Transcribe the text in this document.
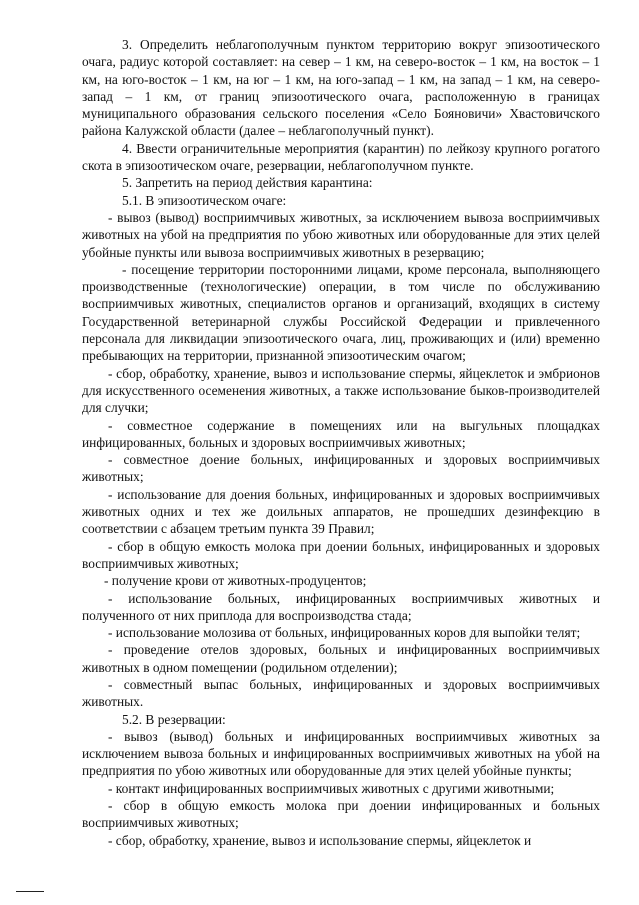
3. Определить неблагополучным пунктом территорию вокруг эпизоотического очага, радиус которой составляет: на север – 1 км, на северо-восток – 1 км, на восток – 1 км, на юго-восток – 1 км, на юг – 1 км, на юго-запад – 1 км, на запад – 1 км, на северо-запад – 1 км, от границ эпизоотического очага, расположенную в границах муниципального образования сельского поселения «Село Бояновичи» Хвастовичского района Калужской области (далее – неблагополучный пункт).

4. Ввести ограничительные мероприятия (карантин) по лейкозу крупного рогатого скота в эпизоотическом очаге, резервации, неблагополучном пункте.

5. Запретить на период действия карантина:

5.1. В эпизоотическом очаге:

- вывоз (вывод) восприимчивых животных, за исключением вывоза восприимчивых животных на убой на предприятия по убою животных или оборудованные для этих целей убойные пункты или вывоза восприимчивых животных в резервацию;

- посещение территории посторонними лицами, кроме персонала, выполняющего производственные (технологические) операции, в том числе по обслуживанию восприимчивых животных, специалистов органов и организаций, входящих в систему Государственной ветеринарной службы Российской Федерации и привлеченного персонала для ликвидации эпизоотического очага, лиц, проживающих и (или) временно пребывающих на территории, признанной эпизоотическим очагом;

- сбор, обработку, хранение, вывоз и использование спермы, яйцеклеток и эмбрионов для искусственного осеменения животных, а также использование быков-производителей для случки;

- совместное содержание в помещениях или на выгульных площадках инфицированных, больных и здоровых восприимчивых животных;

- совместное доение больных, инфицированных и здоровых восприимчивых животных;

- использование для доения больных, инфицированных и здоровых восприимчивых животных одних и тех же доильных аппаратов, не прошедших дезинфекцию в соответствии с абзацем третьим пункта 39 Правил;

- сбор в общую емкость молока при доении больных, инфицированных и здоровых восприимчивых животных;

- получение крови от животных-продуцентов;

- использование больных, инфицированных восприимчивых животных и полученного от них приплода для воспроизводства стада;

- использование молозива от больных, инфицированных коров для выпойки телят;

- проведение отелов здоровых, больных и инфицированных восприимчивых животных в одном помещении (родильном отделении);

- совместный выпас больных, инфицированных и здоровых восприимчивых животных.

5.2. В резервации:

- вывоз (вывод) больных и инфицированных восприимчивых животных за исключением вывоза больных и инфицированных восприимчивых животных на убой на предприятия по убою животных или оборудованные для этих целей убойные пункты;

- контакт инфицированных восприимчивых животных с другими животными;

- сбор в общую емкость молока при доении инфицированных и больных восприимчивых животных;

- сбор, обработку, хранение, вывоз и использование спермы, яйцеклеток и
